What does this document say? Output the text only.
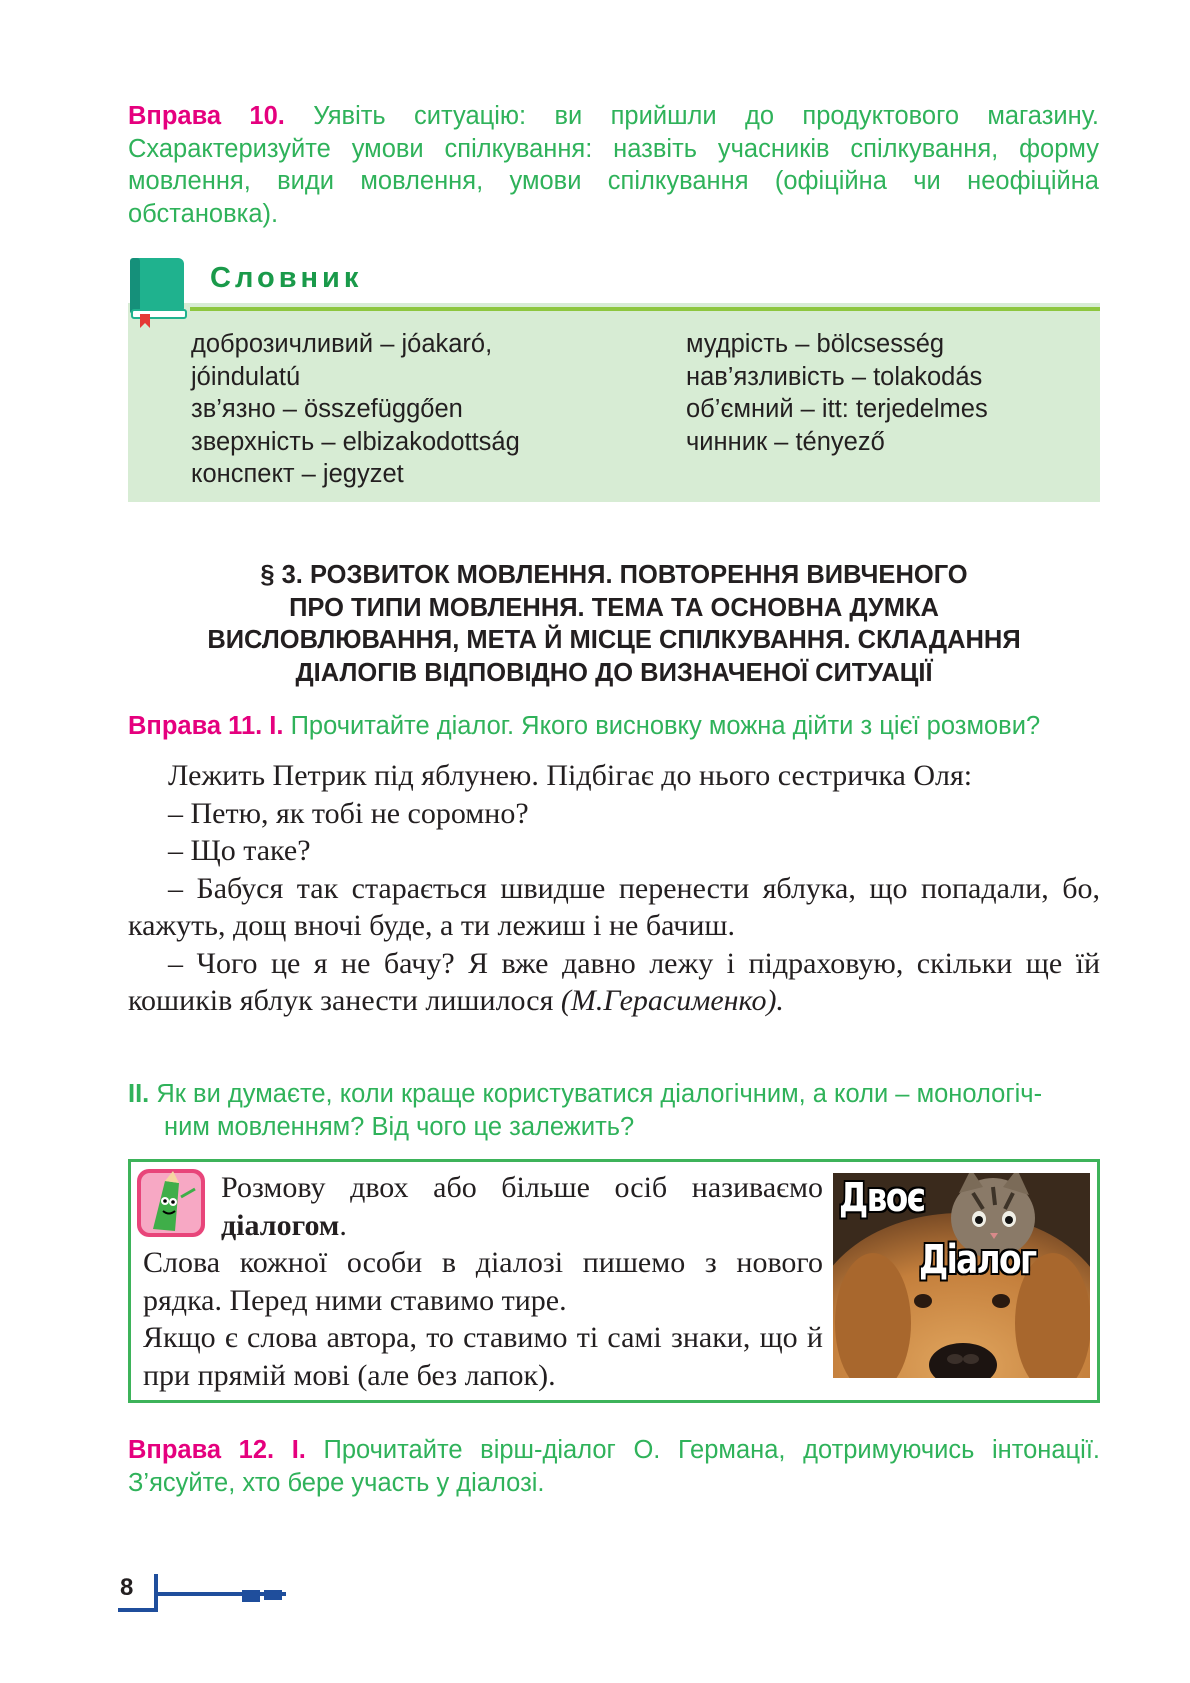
Вправа 10. Уявіть ситуацію: ви прийшли до продуктового магазину. Схарактеризуйте умови спілкування: назвіть учасників спілкування, форму мовлення, види мовлення, умови спілкування (офіційна чи неофіційна обстановка).
Словник
доброзичливий – jóakaró,
jóindulatú
зв’язно – összefüggően
зверхність – elbizakodottság
конспект – jegyzet
мудрість – bölcsesség
нав’язливість – tolakodás
об’ємний – itt: terjedelmes
чинник – tényező
§ 3. РОЗВИТОК МОВЛЕННЯ. ПОВТОРЕННЯ ВИВЧЕНОГО
ПРО ТИПИ МОВЛЕННЯ. ТЕМА ТА ОСНОВНА ДУМКА
ВИСЛОВЛЮВАННЯ, МЕТА Й МІСЦЕ СПІЛКУВАННЯ. СКЛАДАННЯ
ДІАЛОГІВ ВІДПОВІДНО ДО ВИЗНАЧЕНОЇ СИТУАЦІЇ
Вправа 11. І. Прочитайте діалог. Якого висновку можна дійти з цієї розмови?

Лежить Петрик під яблунею. Підбігає до нього сестричка Оля:

– Петю, як тобі не соромно?

– Що таке?

– Бабуся так старається швидше перенести яблука, що попадали, бо, кажуть, дощ вночі буде, а ти лежиш і не бачиш.

– Чого це я не бачу? Я вже давно лежу і підраховую, скільки ще їй кошиків яблук занести лишилося (М.Герасименко).

ІІ. Як ви думаєте, коли краще користуватися діалогічним, а коли – монологіч-
ним мовленням? Від чого це залежить?
Розмову двох або більше осіб називаємо діалогом.
Слова кожної особи в діалозі пишемо з нового рядка. Перед ними ставимо тире.
Якщо є слова автора, то ставимо ті самі знаки, що й при прямій мові (але без лапок).
Двоє
Діалог
Вправа 12. І. Прочитайте вірш-діалог О. Германа, дотримуючись інтонації. З’ясуйте, хто бере участь у діалозі.
8
